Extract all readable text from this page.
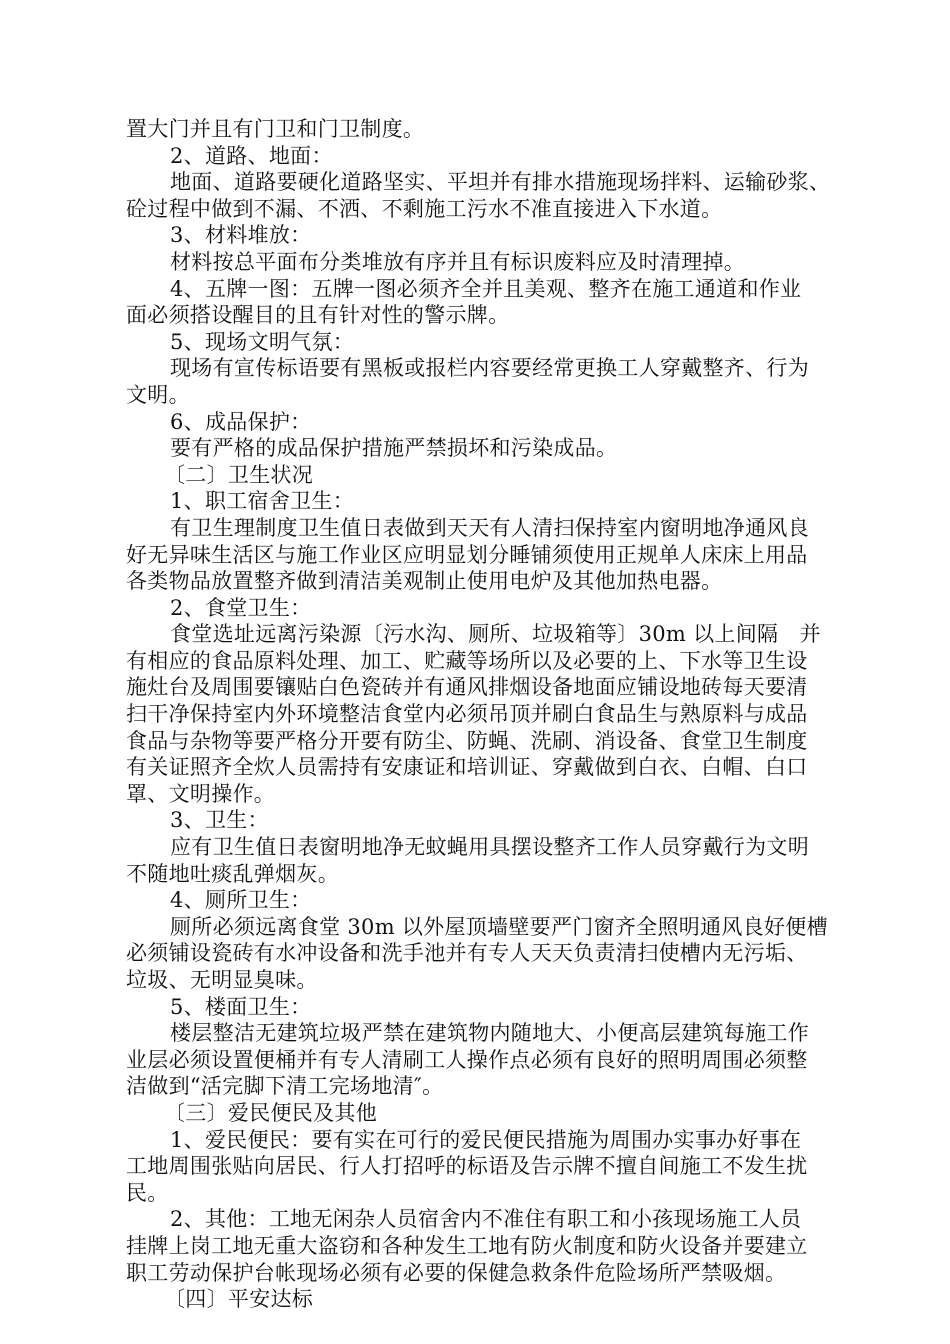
置大门并且有门卫和门卫制度。
2、道路、地面：
地面、道路要硬化道路坚实、平坦并有排水措施现场拌料、运输砂浆、
砼过程中做到不漏、不洒、不剩施工污水不准直接进入下水道。
3、材料堆放：
材料按总平面布分类堆放有序并且有标识废料应及时清理掉。
4、五牌一图：五牌一图必须齐全并且美观、整齐在施工通道和作业
面必须搭设醒目的且有针对性的警示牌。
5、现场文明气氛：
现场有宣传标语要有黑板或报栏内容要经常更换工人穿戴整齐、行为
文明。
6、成品保护：
要有严格的成品保护措施严禁损坏和污染成品。
〔二〕卫生状况
1、职工宿舍卫生：
有卫生理制度卫生值日表做到天天有人清扫保持室内窗明地净通风良
好无异味生活区与施工作业区应明显划分睡铺须使用正规单人床床上用品
各类物品放置整齐做到清洁美观制止使用电炉及其他加热电器。
2、食堂卫生：
食堂选址远离污染源〔污水沟、厕所、垃圾箱等〕30m 以上间隔　并
有相应的食品原料处理、加工、贮藏等场所以及必要的上、下水等卫生设
施灶台及周围要镶贴白色瓷砖并有通风排烟设备地面应铺设地砖每天要清
扫干净保持室内外环境整洁食堂内必须吊顶并刷白食品生与熟原料与成品
食品与杂物等要严格分开要有防尘、防蝇、洗刷、消设备、食堂卫生制度
有关证照齐全炊人员需持有安康证和培训证、穿戴做到白衣、白帽、白口
罩、文明操作。
3、卫生：
应有卫生值日表窗明地净无蚊蝇用具摆设整齐工作人员穿戴行为文明
不随地吐痰乱弹烟灰。
4、厕所卫生：
厕所必须远离食堂 30m 以外屋顶墙壁要严门窗齐全照明通风良好便槽
必须铺设瓷砖有水冲设备和洗手池并有专人天天负责清扫使槽内无污垢、
垃圾、无明显臭味。
5、楼面卫生：
楼层整洁无建筑垃圾严禁在建筑物内随地大、小便高层建筑每施工作
业层必须设置便桶并有专人清刷工人操作点必须有良好的照明周围必须整
洁做到“活完脚下清工完场地清″。
〔三〕爱民便民及其他
1、爱民便民：要有实在可行的爱民便民措施为周围办实事办好事在
工地周围张贴向居民、行人打招呼的标语及告示牌不擅自间施工不发生扰
民。
2、其他：工地无闲杂人员宿舍内不准住有职工和小孩现场施工人员
挂牌上岗工地无重大盗窃和各种发生工地有防火制度和防火设备并要建立
职工劳动保护台帐现场必须有必要的保健急救条件危险场所严禁吸烟。
〔四〕平安达标
